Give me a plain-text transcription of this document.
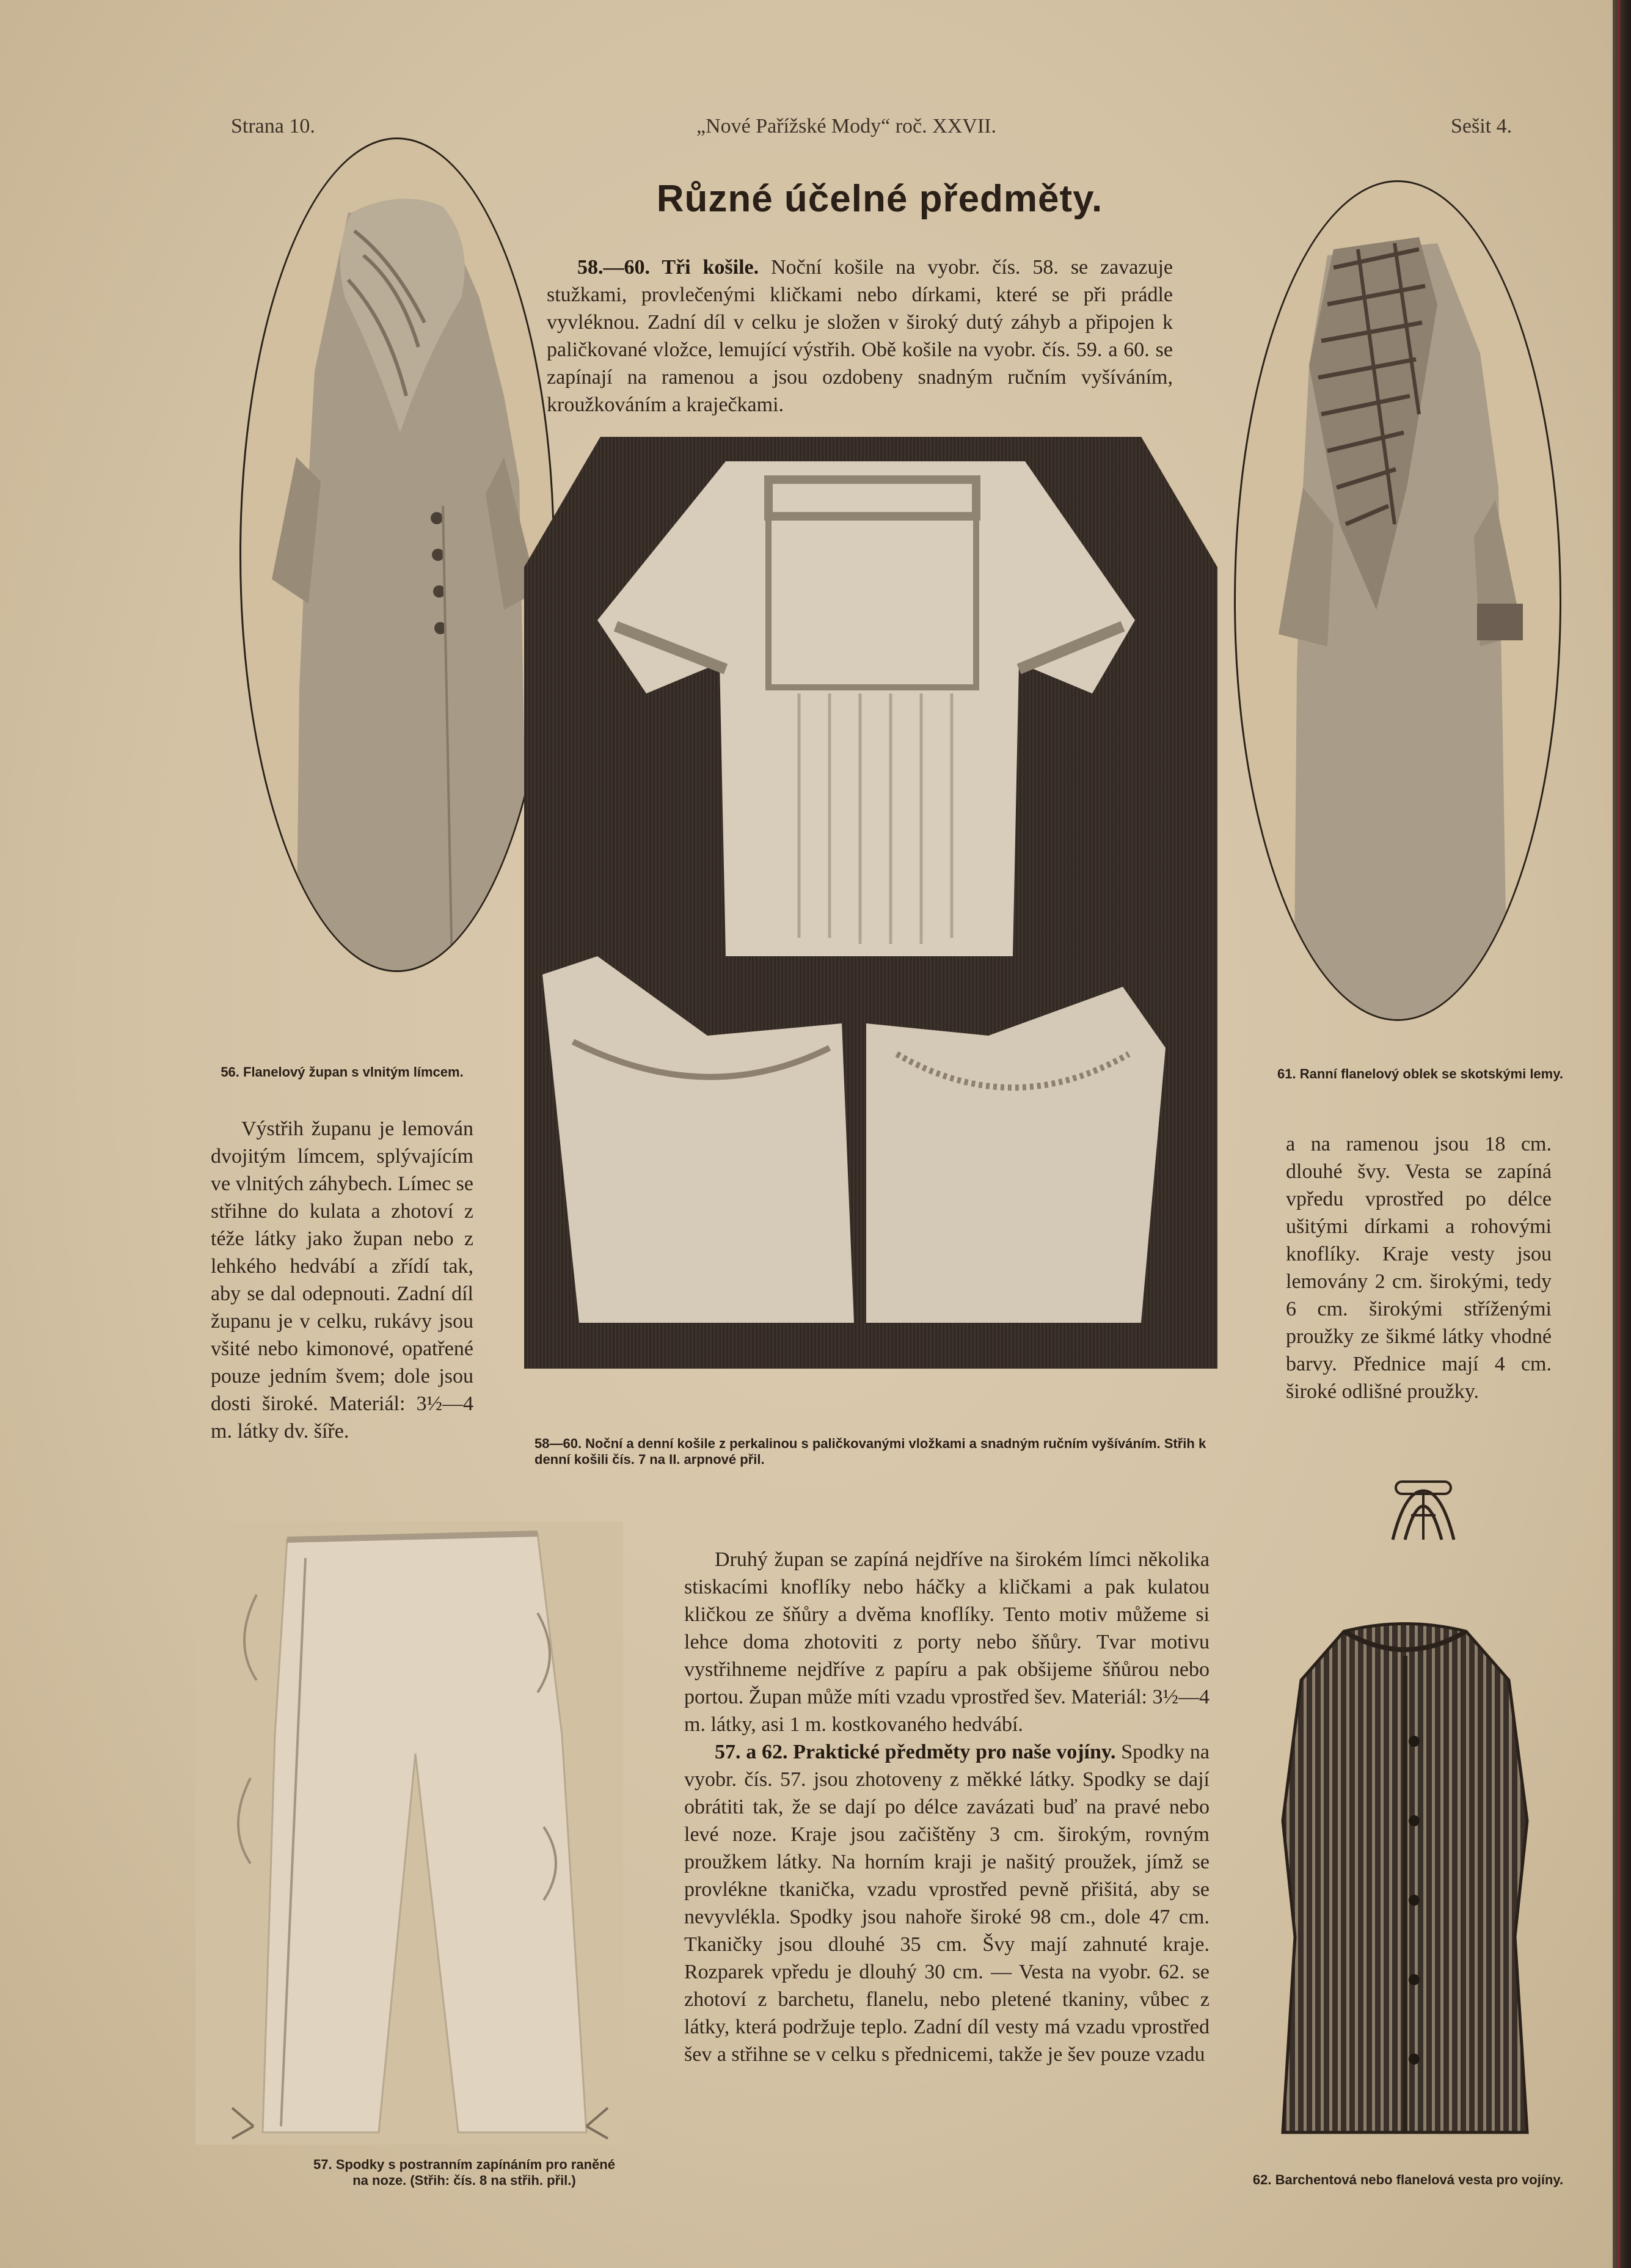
Strana 10.	„Nové Pařížské Mody“ roč. XXVII.	Sešit 4.
Různé účelné předměty.

58.—60. Tři košile. Noční košile na vyobr. čís. 58. se zavazuje stužkami, provlečenými kličkami nebo dírkami, které se při prádle vyvléknou. Zadní díl v celku je složen v široký dutý záhyb a připojen k paličkované vložce, lemující výstřih. Obě košile na vyobr. čís. 59. a 60. se zapínají na ramenou a jsou ozdobeny snadným ručním vyšíváním, kroužkováním a kraječkami.

56. Flanelový župan s vlnitým límcem.	61. Ranní flanelový oblek se skotskými lemy.
58—60. Noční a denní košile z perkalinou s paličkovanými vložkami a snadným ručním vyšíváním. Střih k denní košili čís. 7 na II. arpnové přil.

Výstřih županu je lemován dvojitým límcem, splývajícím ve vlnitých záhybech. Límec se střihne do kulata a zhotoví z téže látky jako župan nebo z lehkého hedvábí a zřídí tak, aby se dal odepnouti. Zadní díl županu je v celku, rukávy jsou všité nebo kimonové, opatřené pouze jedním švem; dole jsou dosti široké. Materiál: 3½—4 m. látky dv. šíře.

a na ramenou jsou 18 cm. dlouhé švy. Vesta se zapíná vpředu vprostřed po délce ušitými dírkami a rohovými knoflíky. Kraje vesty jsou lemovány 2 cm. širokými, tedy 6 cm. širokými stříženými proužky ze šikmé látky vhodné barvy. Přednice mají 4 cm. široké odlišné proužky.

57. Spodky s postranním zapínáním pro raněné na noze. (Střih: čís. 8 na střih. přil.)

Druhý župan se zapíná nejdříve na širokém límci několika stiskacími knoflíky nebo háčky a kličkami a pak kulatou kličkou ze šňůry a dvěma knoflíky. Tento motiv můžeme si lehce doma zhotoviti z porty nebo šňůry. Tvar motivu vystřihneme nejdříve z papíru a pak obšijeme šňůrou nebo portou. Župan může míti vzadu vprostřed šev. Materiál: 3½—4 m. látky, asi 1 m. kostkovaného hedvábí.

57. a 62. Praktické předměty pro naše vojíny. Spodky na vyobr. čís. 57. jsou zhotoveny z měkké látky. Spodky se dají obrátiti tak, že se dají po délce zavázati buď na pravé nebo levé noze. Kraje jsou začištěny 3 cm. širokým, rovným proužkem látky. Na horním kraji je našitý proužek, jímž se provlékne tkanička, vzadu vprostřed pevně přišitá, aby se nevyvlékla. Spodky jsou nahoře široké 98 cm., dole 47 cm. Tkaničky jsou dlouhé 35 cm. Švy mají zahnuté kraje. Rozparek vpředu je dlouhý 30 cm. — Vesta na vyobr. 62. se zhotoví z barchetu, flanelu, nebo pletené tkaniny, vůbec z látky, která podržuje teplo. Zadní díl vesty má vzadu vprostřed šev a střihne se v celku s přednicemi, takže je šev pouze vzadu

62. Barchentová nebo flanelová vesta pro vojíny.
